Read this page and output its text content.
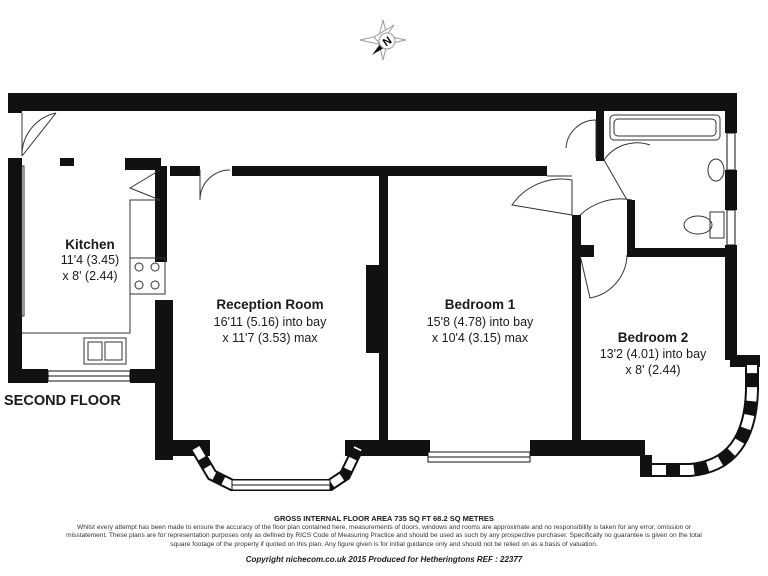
N
Kitchen
11'4 (3.45)
x 8' (2.44)
Reception Room
16'11 (5.16) into bay
x 11'7 (3.53) max
Bedroom 1
15'8 (4.78) into bay
x 10'4 (3.15) max	Bedroom 2
13'2 (4.01) into bay
x 8' (2.44)
SECOND FLOOR
GROSS INTERNAL FLOOR AREA 735 SQ FT 68.2 SQ METRES
Whilst every attempt has been made to ensure the accuracy of the floor plan contained here, measurements of doors, windows and rooms are approximate and no responsibility is taken for any error, omission or misstatement. These plans are for representation purposes only as defined by RICS Code of Measuring Practice and should be used as such by any prospective purchaser. Specifically no guarantee is given on the total square footage of the property if quoted on this plan. Any figure given is for initial guidance only and should not be relied on as a basis of valuation.
Copyright nichecom.co.uk 2015 Produced for Hetheringtons REF : 22377
